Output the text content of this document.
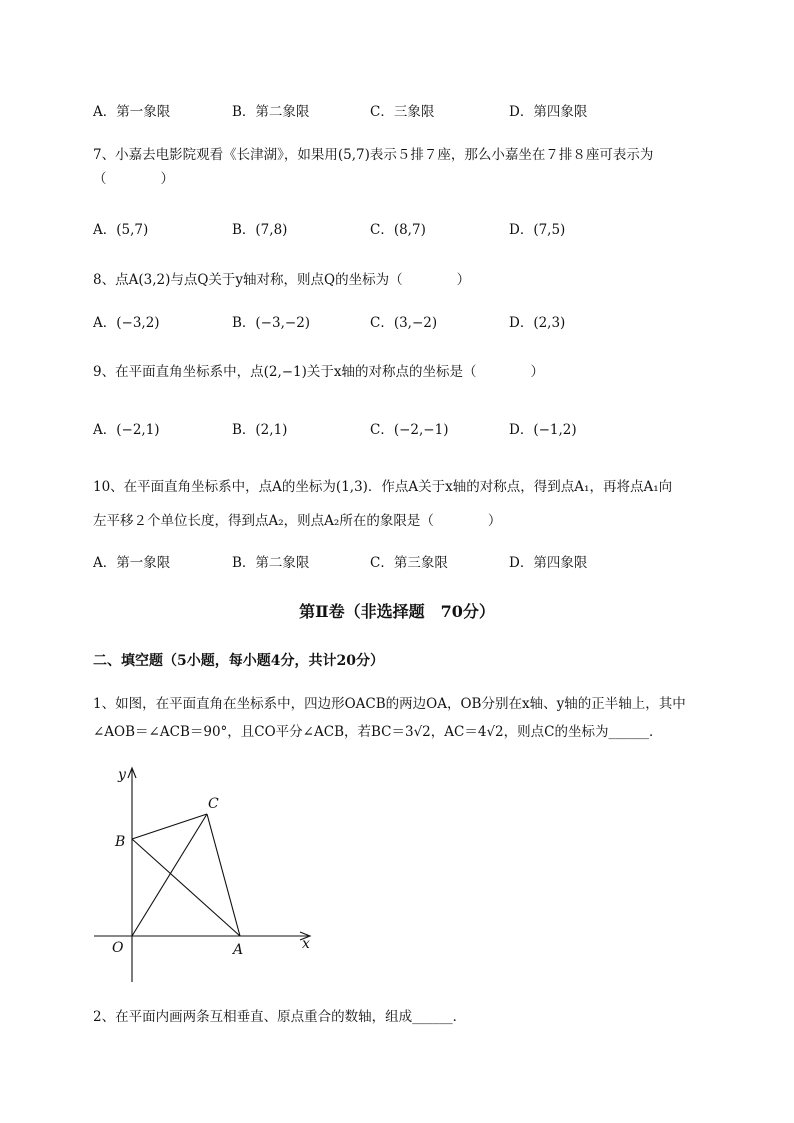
A．第一象限	B．第二象限	C．三象限	D．第四象限
7、小嘉去电影院观看《长津湖》，如果用(5,7)表示５排７座，那么小嘉坐在７排８座可表示为
（　　　　）
A．(5,7)	B．(7,8)	C．(8,7)	D．(7,5)
8、点A(3,2)与点Q关于y轴对称，则点Q的坐标为（　　　　）
A．(−3,2)	B．(−3,−2)	C．(3,−2)	D．(2,3)
9、在平面直角坐标系中，点(2,−1)关于x轴的对称点的坐标是（　　　　）
A．(−2,1)	B．(2,1)	C．(−2,−1)	D．(−1,2)
10、在平面直角坐标系中，点A的坐标为(1,3)．作点A关于x轴的对称点，得到点A₁，再将点A₁向
左平移２个单位长度，得到点A₂，则点A₂所在的象限是（　　　　）
A．第一象限	B．第二象限	C．第三象限	D．第四象限
第Ⅱ卷（非选择题　70分）
二、填空题（5小题，每小题4分，共计20分）
1、如图，在平面直角在坐标系中，四边形OACB的两边OA，OB分别在x轴、y轴的正半轴上，其中
∠AOB＝∠ACB＝90°，且CO平分∠ACB，若BC＝3√2，AC＝4√2，则点C的坐标为______．
y
x
O	A
B
C
2、在平面内画两条互相垂直、原点重合的数轴，组成______．
